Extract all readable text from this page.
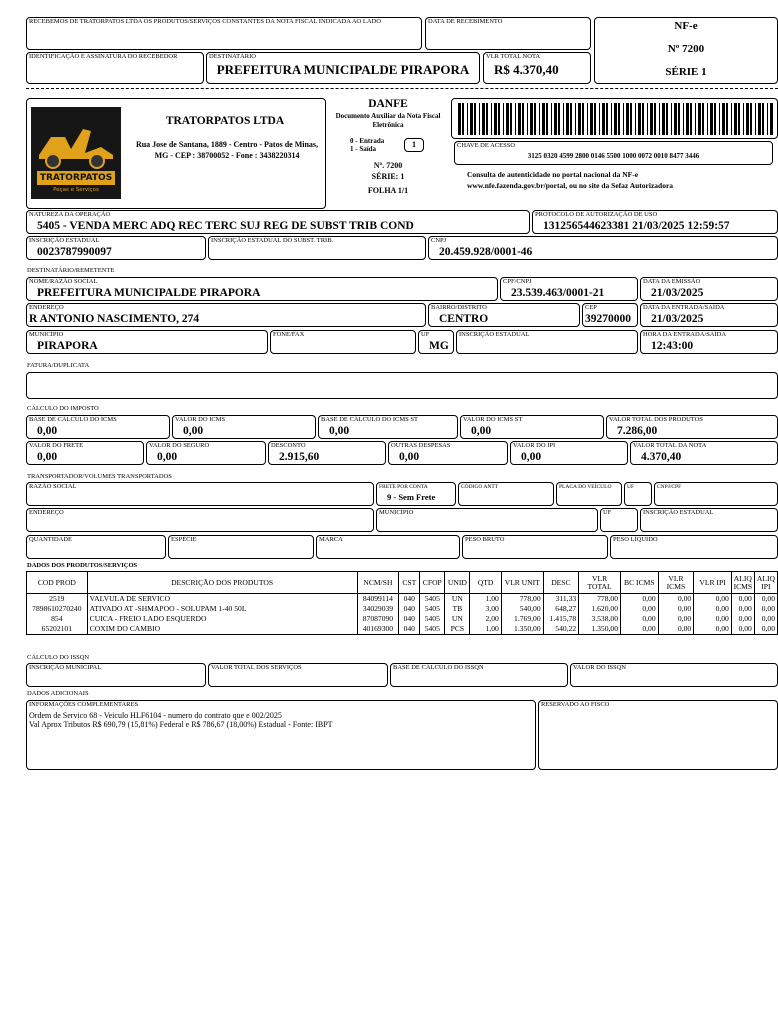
RECEBEMOS DE TRATORPATOS LTDA OS PRODUTOS/SERVIÇOS CONSTANTES DA NOTA FISCAL INDICADA AO LADO	DATA DE RECEBIMENTO
IDENTIFICAÇÃO E ASSINATURA DO RECEBEDOR	DESTINATÁRIO
PREFEITURA MUNICIPALDE PIRAPORA
VLR TOTAL NOTA
R$ 4.370,40
NF-e
Nº 7200
SÉRIE 1
TRATORPATOS
Peças e Serviços
TRATORPATOS LTDA
Rua Jose de Santana, 1889 - Centro - Patos de Minas, MG - CEP : 38700052 - Fone : 3438220314
DANFE
Documento Auxiliar da Nota Fiscal Eletrônica
0 - Entrada
1 - Saída	1
Nº. 7200
SÉRIE: 1
FOLHA 1/1
CHAVE DE ACESSO
3125 0320 4599 2800 0146 5500 1000 0072 0010 8477 3446
Consulta de autenticidade no portal nacional da NF-e www.nfe.fazenda.gov.br/portal, ou no site da Sefaz Autorizadora
NATUREZA DA OPERAÇÃO
5405 - VENDA MERC ADQ REC TERC SUJ REG DE SUBST TRIB COND
PROTOCOLO DE AUTORIZAÇÃO DE USO
131256544623381 21/03/2025 12:59:57
INSCRIÇÃO ESTADUAL
0023787990097
INSCRIÇÃO ESTADUAL DO SUBST. TRIB.	CNPJ
20.459.928/0001-46
DESTINATÁRIO/REMETENTE
NOME/RAZÃO SOCIAL
PREFEITURA MUNICIPALDE PIRAPORA
CPF/CNPJ
23.539.463/0001-21
DATA DA EMISSÃO
21/03/2025
ENDEREÇO
R ANTONIO NASCIMENTO, 274
BAIRRO/DISTRITO
CENTRO
CEP
39270000
DATA DA ENTRADA/SAÍDA
21/03/2025
MUNICÍPIO
PIRAPORA
FONE/FAX	UF
MG
INSCRIÇÃO ESTADUAL	HORA DA ENTRADA/SAÍDA
12:43:00
FATURA/DUPLICATA
CÁLCULO DO IMPOSTO
BASE DE CÁLCULO DO ICMS
0,00
VALOR DO ICMS
0,00
BASE DE CÁLCULO DO ICMS ST
0,00
VALOR DO ICMS ST
0,00
VALOR TOTAL DOS PRODUTOS
7.286,00
VALOR DO FRETE
0,00
VALOR DO SEGURO
0,00
DESCONTO
2.915,60
OUTRAS DESPESAS
0,00
VALOR DO IPI
0,00
VALOR TOTAL DA NOTA
4.370,40
TRANSPORTADOR/VOLUMES TRANSPORTADOS
RAZÃO SOCIAL	FRETE POR CONTA
9 - Sem Frete
CÓDIGO ANTT	PLACA DO VEÍCULO	UF	CNPJ/CPF
ENDEREÇO	MUNICÍPIO	UF	INSCRIÇÃO ESTADUAL
QUANTIDADE	ESPÉCIE	MARCA	PESO BRUTO	PESO LÍQUIDO
DADOS DOS PRODUTOS/SERVIÇOS
COD PROD	DESCRIÇÃO DOS PRODUTOS	NCM/SH	CST	CFOP	UNID	QTD	VLR UNIT	DESC	VLR TOTAL	BC ICMS	VLR ICMS	VLR IPI	ALIQ ICMS	ALIQ IPI
2519	VALVULA DE SERVICO	84099114	040	5405	UN	1,00	778,00	311,33	778,00	0,00	0,00	0,00	0,00	0,00
7898610270240	ATIVADO AT -SHMAPOO - SOLUPAM 1-40 50L	34029039	040	5405	TB	3,00	540,00	648,27	1.620,00	0,00	0,00	0,00	0,00	0,00
854	CUICA - FREIO LADO ESQUERDO	87087090	040	5405	UN	2,00	1.769,00	1.415,78	3.538,00	0,00	0,00	0,00	0,00	0,00
65202101	COXIM DO CAMBIO	40169300	040	5405	PCS	1,00	1.350,00	540,22	1.350,00	0,00	0,00	0,00	0,00	0,00
CÁLCULO DO ISSQN
INSCRIÇÃO MUNICIPAL	VALOR TOTAL DOS SERVIÇOS	BASE DE CÁLCULO DO ISSQN	VALOR DO ISSQN
DADOS ADICIONAIS
INFORMAÇÕES COMPLEMENTARES
Ordem de Servico 68 - Veiculo HLF6104 - numero do contrato que e 002/2025
Val Aprox Tributos R$ 690,79 (15,81%) Federal e R$ 786,67 (18,00%) Estadual - Fonte: IBPT
RESERVADO AO FISCO
